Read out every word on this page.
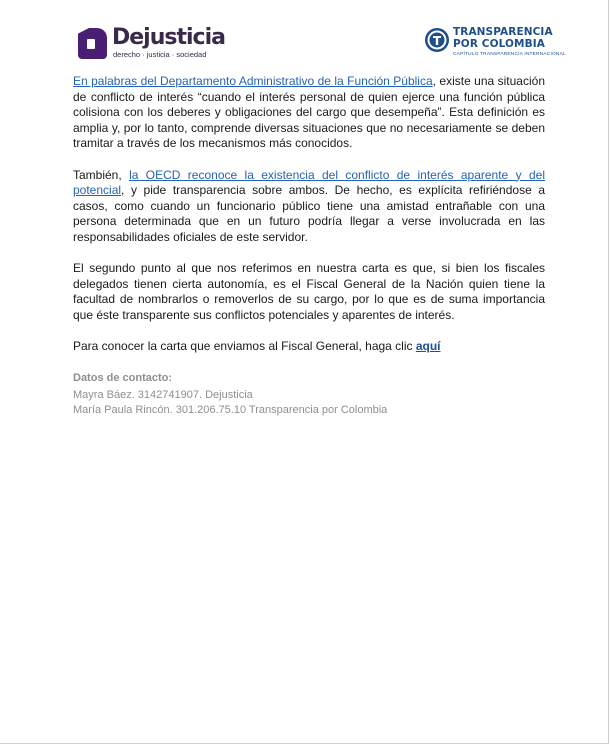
Dejusticia
derecho · justicia · sociedad
TRANSPARENCIA
POR COLOMBIA
CAPÍTULO TRANSPARENCIA INTERNACIONAL

En palabras del Departamento Administrativo de la Función Pública, existe una situación de conflicto de interés “cuando el interés personal de quien ejerce una función pública colisiona con los deberes y obligaciones del cargo que desempeña”. Esta definición es amplia y, por lo tanto, comprende diversas situaciones que no necesariamente se deben tramitar a través de los mecanismos más conocidos.

También, la OECD reconoce la existencia del conflicto de interés aparente y del potencial, y pide transparencia sobre ambos. De hecho, es explícita refiriéndose a casos, como cuando un funcionario público tiene una amistad entrañable con una persona determinada que en un futuro podría llegar a verse involucrada en las responsabilidades oficiales de este servidor.

El segundo punto al que nos referimos en nuestra carta es que, si bien los fiscales delegados tienen cierta autonomía, es el Fiscal General de la Nación quien tiene la facultad de nombrarlos o removerlos de su cargo, por lo que es de suma importancia que éste transparente sus conflictos potenciales y aparentes de interés.

Para conocer la carta que enviamos al Fiscal General, haga clic aquí

Datos de contacto:

Mayra Báez. 3142741907. Dejusticia

María Paula Rincón. 301.206.75.10 Transparencia por Colombia
